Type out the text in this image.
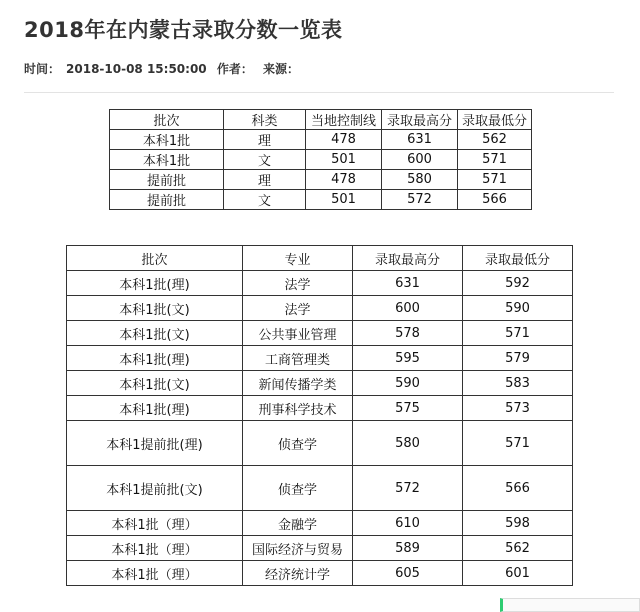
2018年在内蒙古录取分数一览表
时间： 2018-10-08 15:50:00 作者： 来源：
批次	科类	当地控制线	录取最高分	录取最低分
本科1批	理	478	631	562
本科1批	文	501	600	571
提前批	理	478	580	571
提前批	文	501	572	566
批次	专业	录取最高分	录取最低分
本科1批(理)	法学	631	592
本科1批(文)	法学	600	590
本科1批(文)	公共事业管理	578	571
本科1批(理)	工商管理类	595	579
本科1批(文)	新闻传播学类	590	583
本科1批(理)	刑事科学技术	575	573
本科1提前批(理)	侦查学	580	571
本科1提前批(文)	侦查学	572	566
本科1批（理）	金融学	610	598
本科1批（理）	国际经济与贸易	589	562
本科1批（理）	经济统计学	605	601
